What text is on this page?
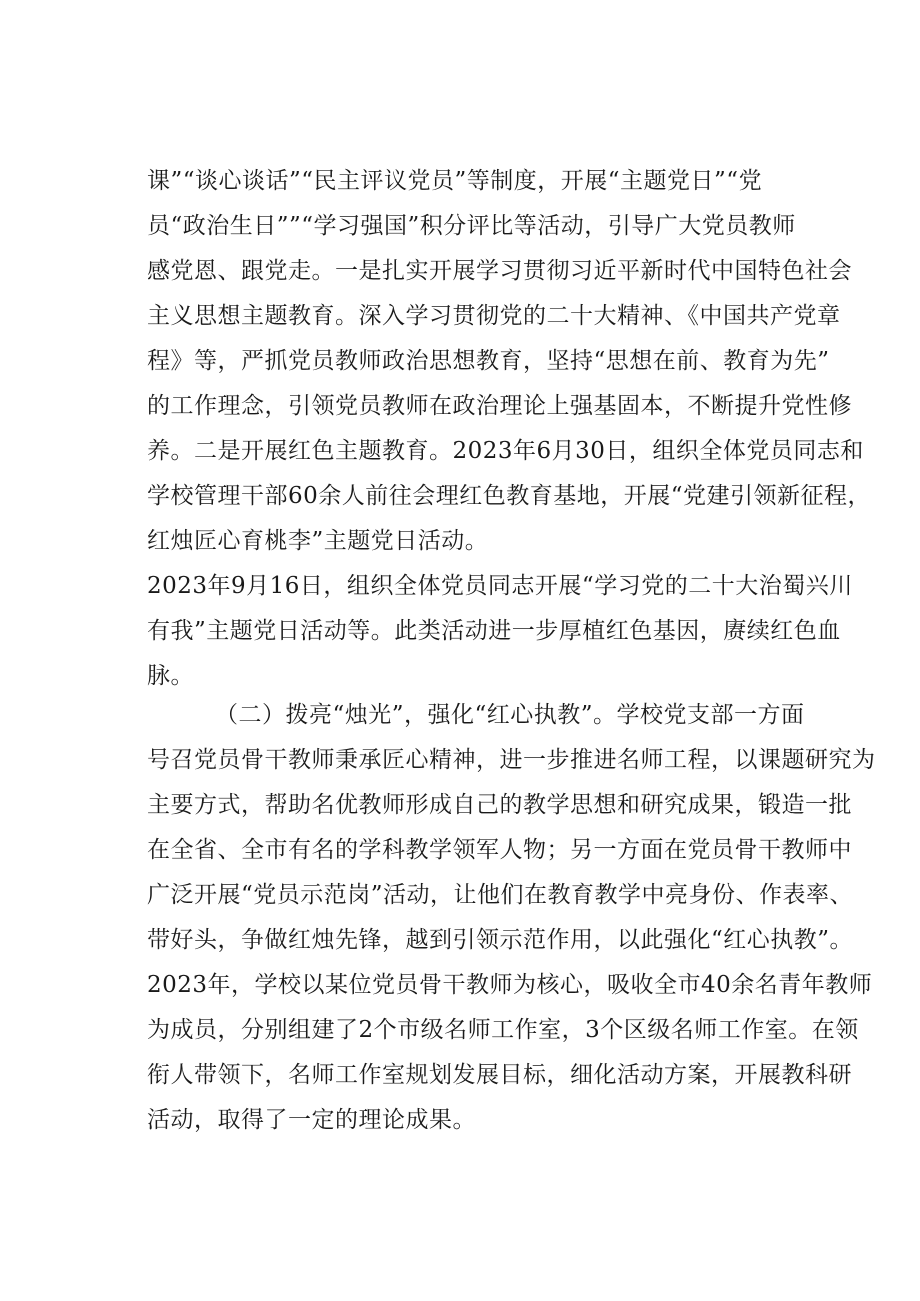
课”“谈心谈话”“民主评议党员”等制度，开展“主题党日”“党
员“政治生日””“学习强国”积分评比等活动，引导广大党员教师
感党恩、跟党走。一是扎实开展学习贯彻习近平新时代中国特色社会
主义思想主题教育。深入学习贯彻党的二十大精神、《中国共产党章
程》等，严抓党员教师政治思想教育，坚持“思想在前、教育为先”
的工作理念，引领党员教师在政治理论上强基固本，不断提升党性修
养。二是开展红色主题教育。2023年6月30日，组织全体党员同志和
学校管理干部60余人前往会理红色教育基地，开展“党建引领新征程，
红烛匠心育桃李”主题党日活动。
2023年9月16日，组织全体党员同志开展“学习党的二十大治蜀兴川
有我”主题党日活动等。此类活动进一步厚植红色基因，赓续红色血
脉。
（二）拨亮“烛光”，强化“红心执教”。学校党支部一方面
号召党员骨干教师秉承匠心精神，进一步推进名师工程，以课题研究为
主要方式，帮助名优教师形成自己的教学思想和研究成果，锻造一批
在全省、全市有名的学科教学领军人物；另一方面在党员骨干教师中
广泛开展“党员示范岗”活动，让他们在教育教学中亮身份、作表率、
带好头，争做红烛先锋，越到引领示范作用，以此强化“红心执教”。
2023年，学校以某位党员骨干教师为核心，吸收全市40余名青年教师
为成员，分别组建了2个市级名师工作室，3个区级名师工作室。在领
衔人带领下，名师工作室规划发展目标，细化活动方案，开展教科研
活动，取得了一定的理论成果。
